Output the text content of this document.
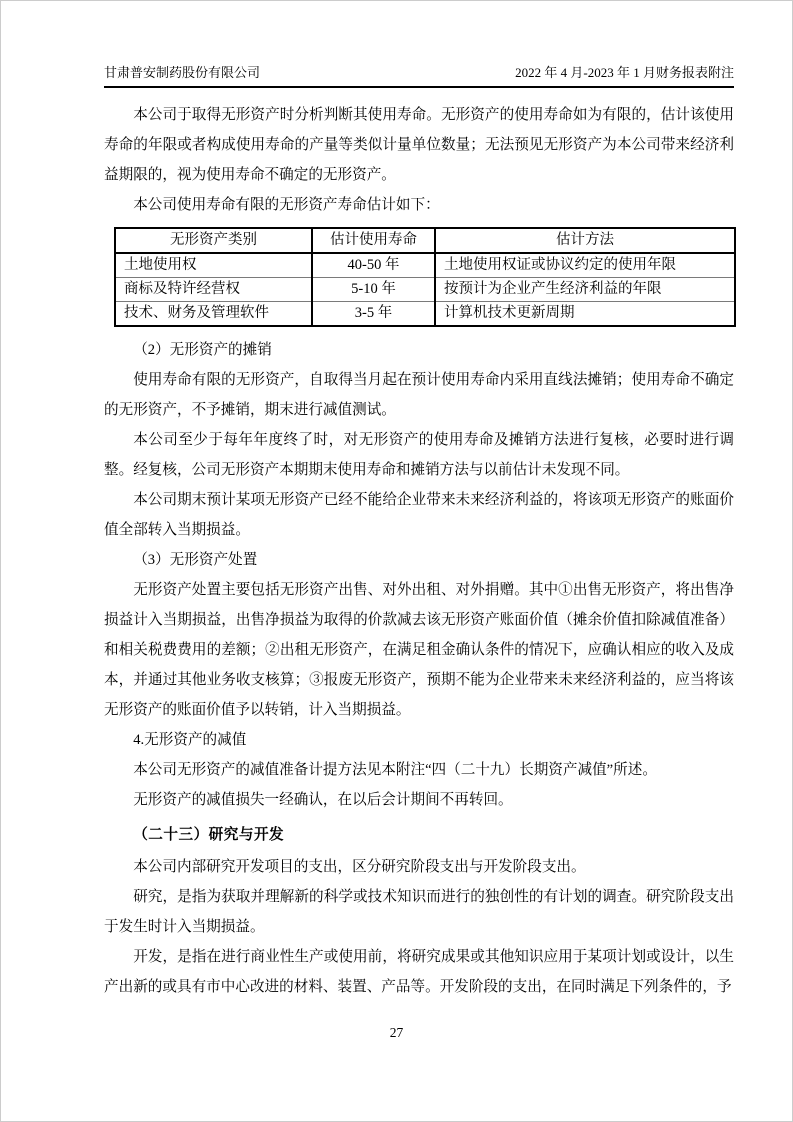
甘肃普安制药股份有限公司	2022 年 4 月-2023 年 1 月财务报表附注

本公司于取得无形资产时分析判断其使用寿命。无形资产的使用寿命如为有限的，估计该使用寿命的年限或者构成使用寿命的产量等类似计量单位数量；无法预见无形资产为本公司带来经济利益期限的，视为使用寿命不确定的无形资产。

本公司使用寿命有限的无形资产寿命估计如下：

无形资产类别	估计使用寿命	估计方法
土地使用权	40-50 年	土地使用权证或协议约定的使用年限
商标及特许经营权	5-10 年	按预计为企业产生经济利益的年限
技术、财务及管理软件	3-5 年	计算机技术更新周期

（2）无形资产的摊销

使用寿命有限的无形资产，自取得当月起在预计使用寿命内采用直线法摊销；使用寿命不确定的无形资产，不予摊销，期末进行减值测试。

本公司至少于每年年度终了时，对无形资产的使用寿命及摊销方法进行复核，必要时进行调整。经复核，公司无形资产本期期末使用寿命和摊销方法与以前估计未发现不同。

本公司期末预计某项无形资产已经不能给企业带来未来经济利益的，将该项无形资产的账面价值全部转入当期损益。

（3）无形资产处置

无形资产处置主要包括无形资产出售、对外出租、对外捐赠。其中①出售无形资产，将出售净损益计入当期损益，出售净损益为取得的价款减去该无形资产账面价值（摊余价值扣除减值准备）和相关税费费用的差额；②出租无形资产，在满足租金确认条件的情况下，应确认相应的收入及成本，并通过其他业务收支核算；③报废无形资产，预期不能为企业带来未来经济利益的，应当将该无形资产的账面价值予以转销，计入当期损益。

4.无形资产的减值

本公司无形资产的减值准备计提方法见本附注“四（二十九）长期资产减值”所述。

无形资产的减值损失一经确认，在以后会计期间不再转回。

（二十三）研究与开发

本公司内部研究开发项目的支出，区分研究阶段支出与开发阶段支出。

研究，是指为获取并理解新的科学或技术知识而进行的独创性的有计划的调查。研究阶段支出于发生时计入当期损益。

开发，是指在进行商业性生产或使用前，将研究成果或其他知识应用于某项计划或设计，以生产出新的或具有市中心改进的材料、装置、产品等。开发阶段的支出，在同时满足下列条件的，予

27
